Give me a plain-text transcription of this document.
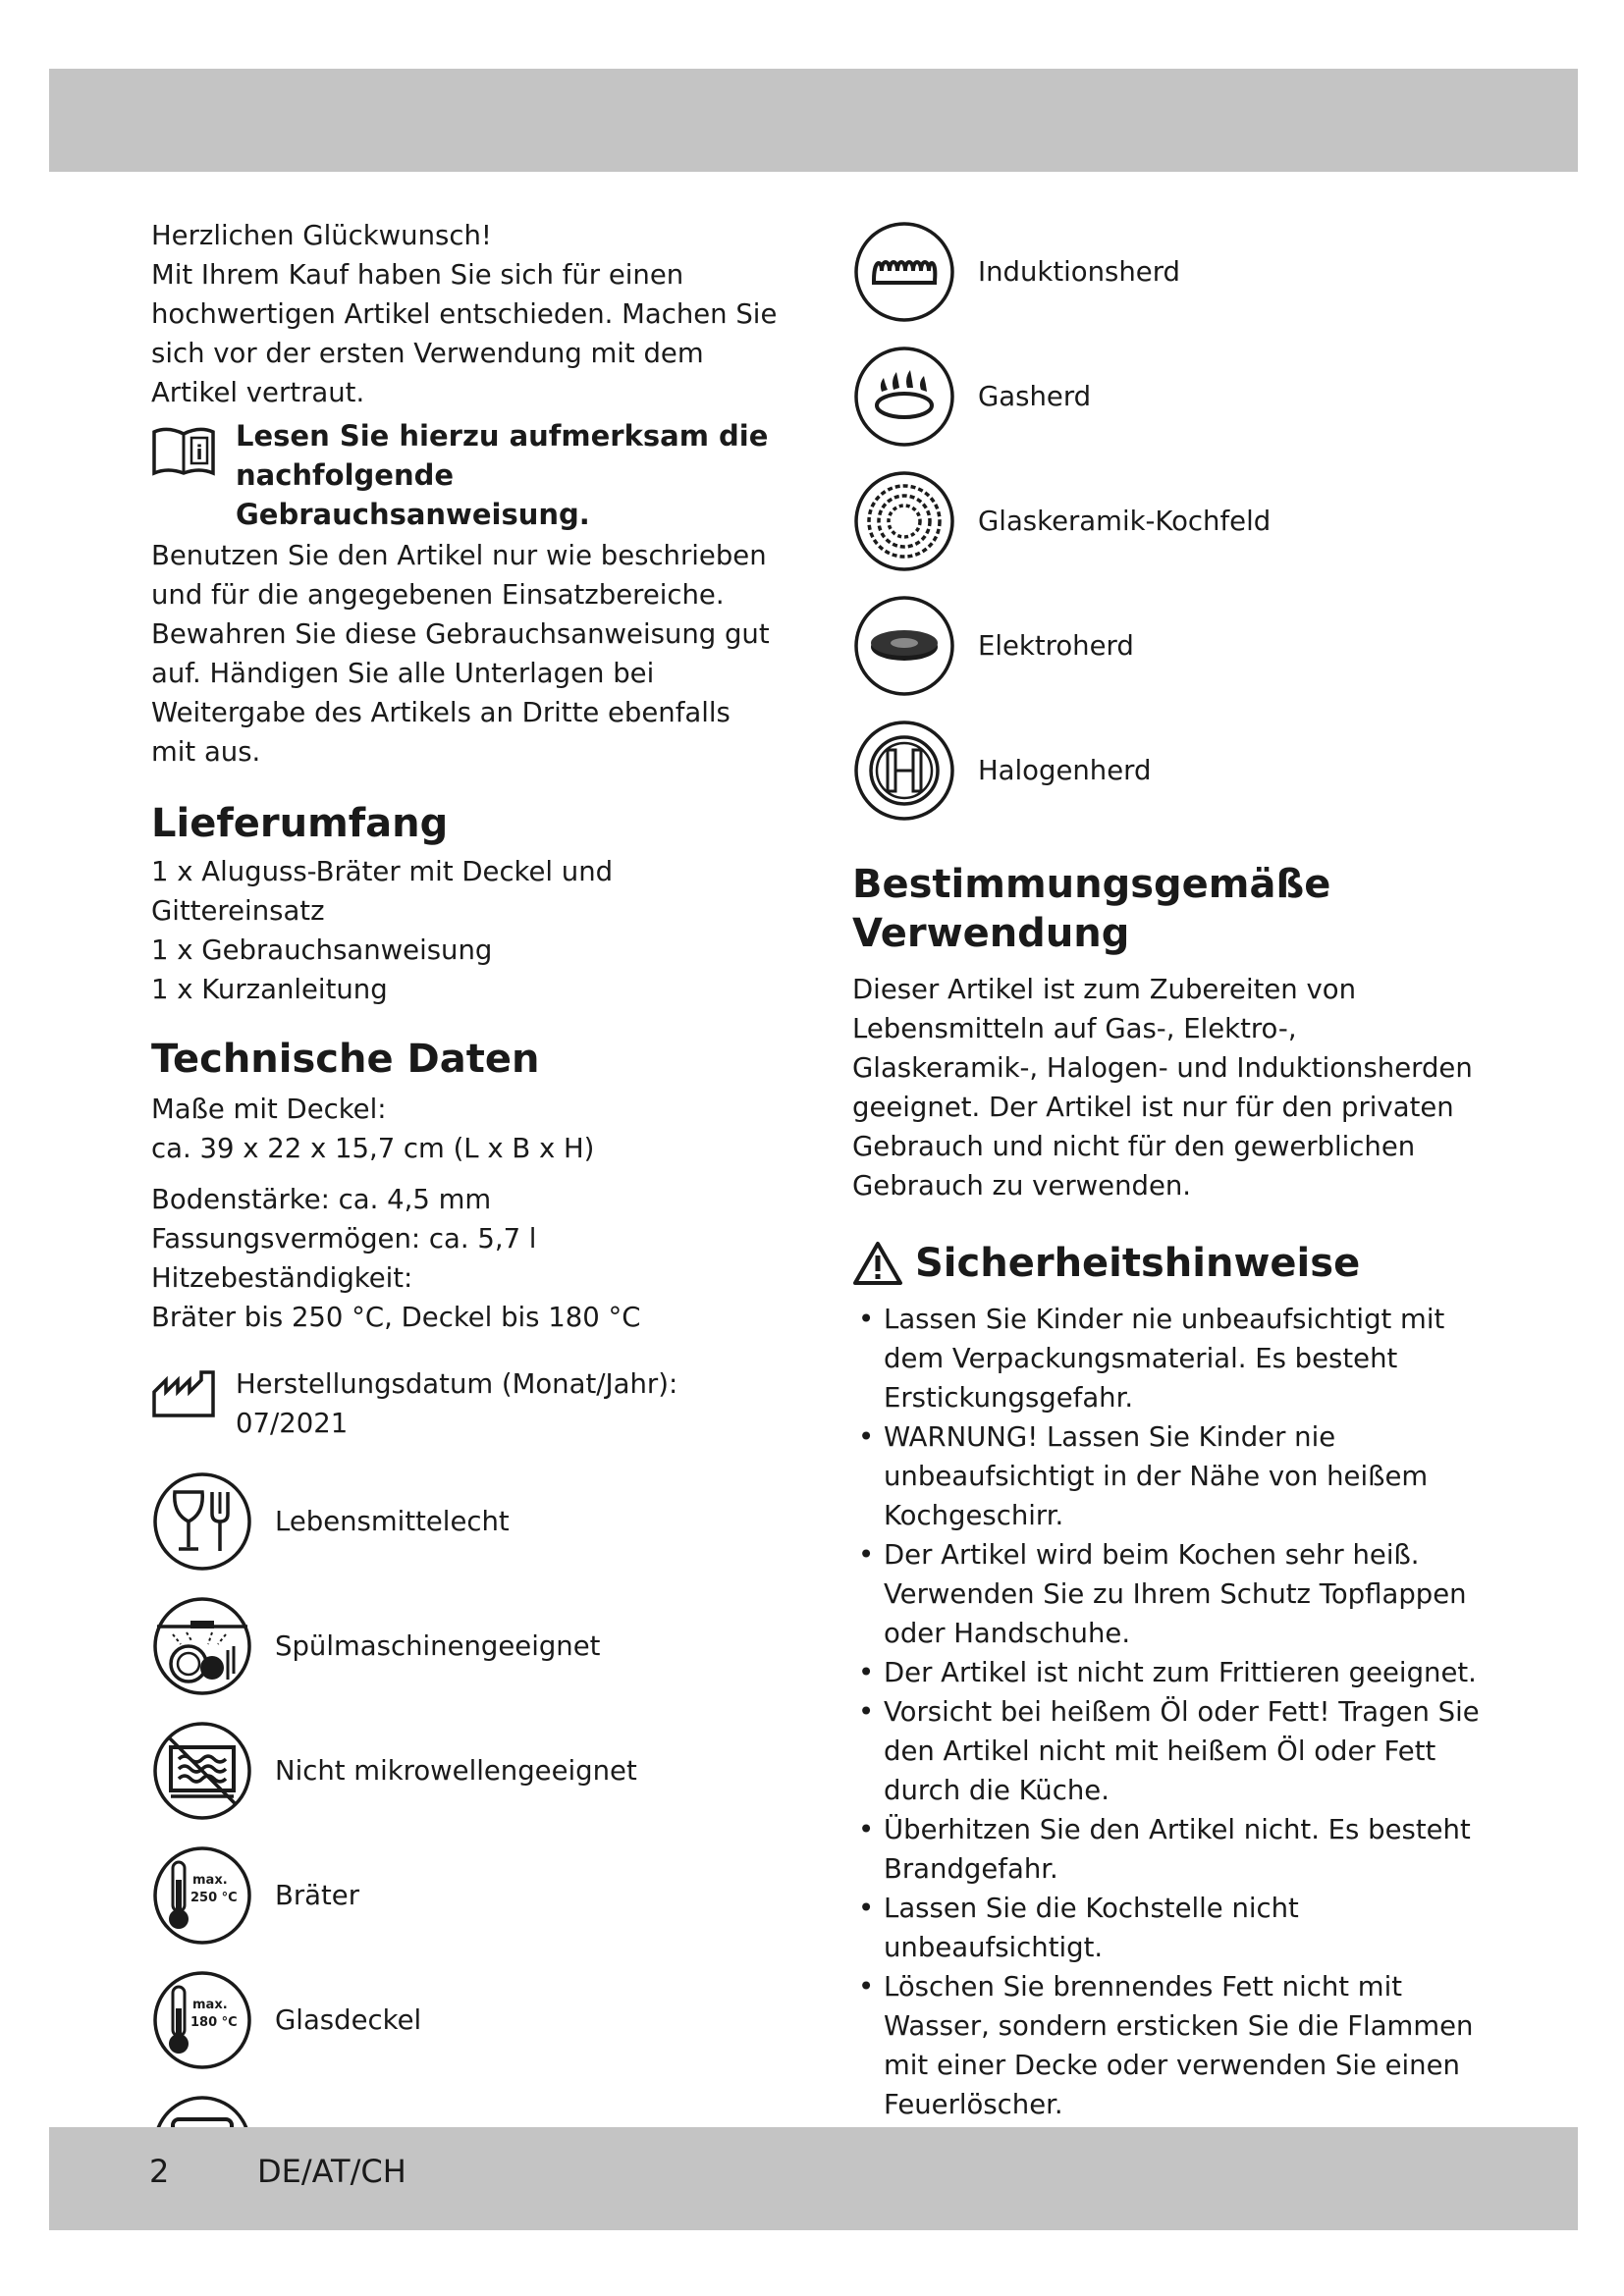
Herzlichen Glückwunsch!

Mit Ihrem Kauf haben Sie sich für einen hochwertigen Artikel entschieden. Machen Sie sich vor der ersten Verwendung mit dem Artikel vertraut.

i Lesen Sie hierzu aufmerksam die nachfolgende Gebrauchsanweisung.

Benutzen Sie den Artikel nur wie beschrieben und für die angegebenen Einsatzbereiche. Bewahren Sie diese Gebrauchsanweisung gut auf. Händigen Sie alle Unterlagen bei Weitergabe des Artikels an Dritte ebenfalls mit aus.

Lieferumfang

1 x Aluguss-Bräter mit Deckel und Gittereinsatz

1 x Gebrauchsanweisung

1 x Kurzanleitung

Technische Daten

Maße mit Deckel:

ca. 39 x 22 x 15,7 cm (L x B x H)

Bodenstärke: ca. 4,5 mm

Fassungsvermögen: ca. 5,7 l

Hitzebeständigkeit:

Bräter bis 250 °C, Deckel bis 180 °C

Herstellungsdatum (Monat/Jahr):

07/2021

Lebensmittelecht
Spülmaschinengeeignet
Nicht mikrowellengeeignet
max.
250 °C Bräter
max.
180 °C Glasdeckel
Induktionsherd
Gasherd
Glaskeramik-Kochfeld
Elektroherd
Halogenherd
Bestimmungsgemäße
Verwendung

Dieser Artikel ist zum Zubereiten von Lebensmitteln auf Gas-, Elektro-, Glaskeramik-, Halogen- und Induktionsherden geeignet. Der Artikel ist nur für den privaten Gebrauch und nicht für den gewerblichen Gebrauch zu verwenden.

Sicherheitshinweise
• Lassen Sie Kinder nie unbeaufsichtigt mit dem Verpackungsmaterial. Es besteht Erstickungsgefahr.
• WARNUNG! Lassen Sie Kinder nie unbeaufsichtigt in der Nähe von heißem Kochgeschirr.
• Der Artikel wird beim Kochen sehr heiß. Verwenden Sie zu Ihrem Schutz Topflappen oder Handschuhe.
• Der Artikel ist nicht zum Frittieren geeignet.
• Vorsicht bei heißem Öl oder Fett! Tragen Sie den Artikel nicht mit heißem Öl oder Fett durch die Küche.
• Überhitzen Sie den Artikel nicht. Es besteht Brandgefahr.
• Lassen Sie die Kochstelle nicht unbeaufsichtigt.
• Löschen Sie brennendes Fett nicht mit Wasser, sondern ersticken Sie die Flammen mit einer Decke oder verwenden Sie einen Feuerlöscher.
•
2	DE/AT/CH
